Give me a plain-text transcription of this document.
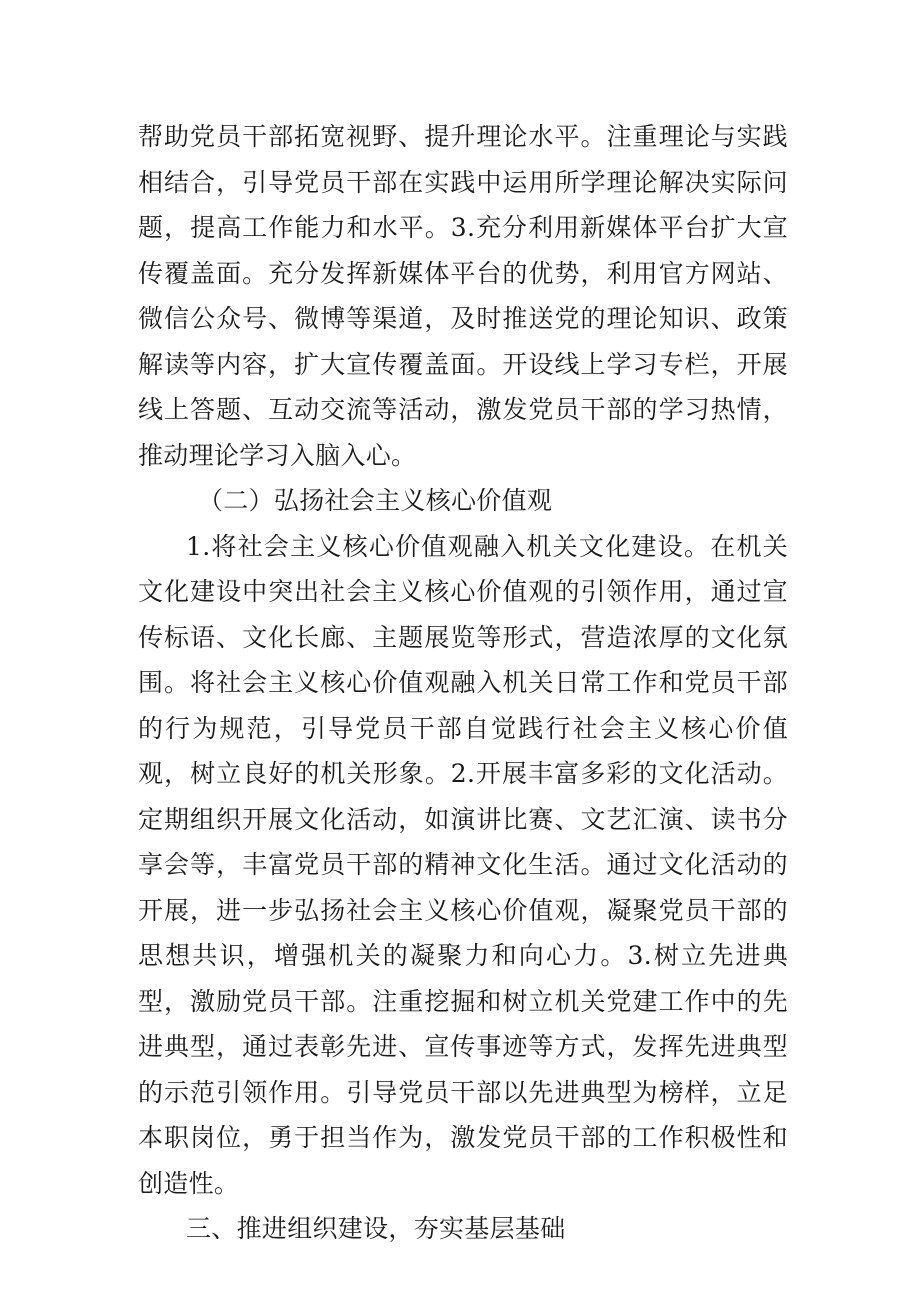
帮助党员干部拓宽视野、提升理论水平。注重理论与实践相结合，引导党员干部在实践中运用所学理论解决实际问题，提高工作能力和水平。3.充分利用新媒体平台扩大宣传覆盖面。充分发挥新媒体平台的优势，利用官方网站、微信公众号、微博等渠道，及时推送党的理论知识、政策解读等内容，扩大宣传覆盖面。开设线上学习专栏，开展线上答题、互动交流等活动，激发党员干部的学习热情，推动理论学习入脑入心。

（二）弘扬社会主义核心价值观

1.将社会主义核心价值观融入机关文化建设。在机关文化建设中突出社会主义核心价值观的引领作用，通过宣传标语、文化长廊、主题展览等形式，营造浓厚的文化氛围。将社会主义核心价值观融入机关日常工作和党员干部的行为规范，引导党员干部自觉践行社会主义核心价值观，树立良好的机关形象。2.开展丰富多彩的文化活动。定期组织开展文化活动，如演讲比赛、文艺汇演、读书分享会等，丰富党员干部的精神文化生活。通过文化活动的开展，进一步弘扬社会主义核心价值观，凝聚党员干部的思想共识，增强机关的凝聚力和向心力。3.树立先进典型，激励党员干部。注重挖掘和树立机关党建工作中的先进典型，通过表彰先进、宣传事迹等方式，发挥先进典型的示范引领作用。引导党员干部以先进典型为榜样，立足本职岗位，勇于担当作为，激发党员干部的工作积极性和创造性。

三、推进组织建设，夯实基层基础
